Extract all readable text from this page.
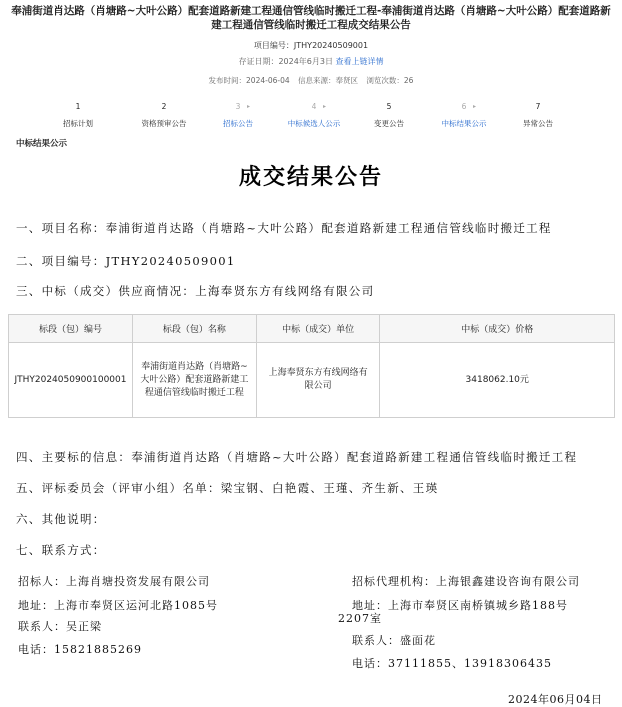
奉浦街道肖达路（肖塘路~大叶公路）配套道路新建工程通信管线临时搬迁工程-奉浦街道肖达路（肖塘路~大叶公路）配套道路新建工程通信管线临时搬迁工程成交结果公告
项目编号：JTHY20240509001
存证日期：2024年6月3日 查看上链详情
发布时间：2024-06-04 信息来源：奉贤区 浏览次数：26
1
招标计划
2
资格预审公告
3
招标公告
▸	4
中标候选人公示
▸	5
变更公告
6
中标结果公示
▸	7
异常公告
中标结果公示
成交结果公告
一、项目名称：奉浦街道肖达路（肖塘路~大叶公路）配套道路新建工程通信管线临时搬迁工程
二、项目编号：JTHY20240509001
三、中标（成交）供应商情况：上海奉贤东方有线网络有限公司
标段（包）编号	标段（包）名称	中标（成交）单位	中标（成交）价格
JTHY2024050900100001	奉浦街道肖达路（肖塘路~大叶公路）配套道路新建工程通信管线临时搬迁工程	上海奉贤东方有线网络有限公司	3418062.10元
四、主要标的信息：奉浦街道肖达路（肖塘路~大叶公路）配套道路新建工程通信管线临时搬迁工程
五、评标委员会（评审小组）名单：梁宝钢、白艳霞、王瑾、齐生新、王瑛
六、其他说明：
七、联系方式：
招标人：上海肖塘投资发展有限公司
地址：上海市奉贤区运河北路1085号
联系人：吴正梁
电话：15821885269
招标代理机构：上海银鑫建设咨询有限公司
地址：上海市奉贤区南桥镇城乡路188号
2207室
联系人：盛面花
电话：37111855、13918306435
2024年06月04日
